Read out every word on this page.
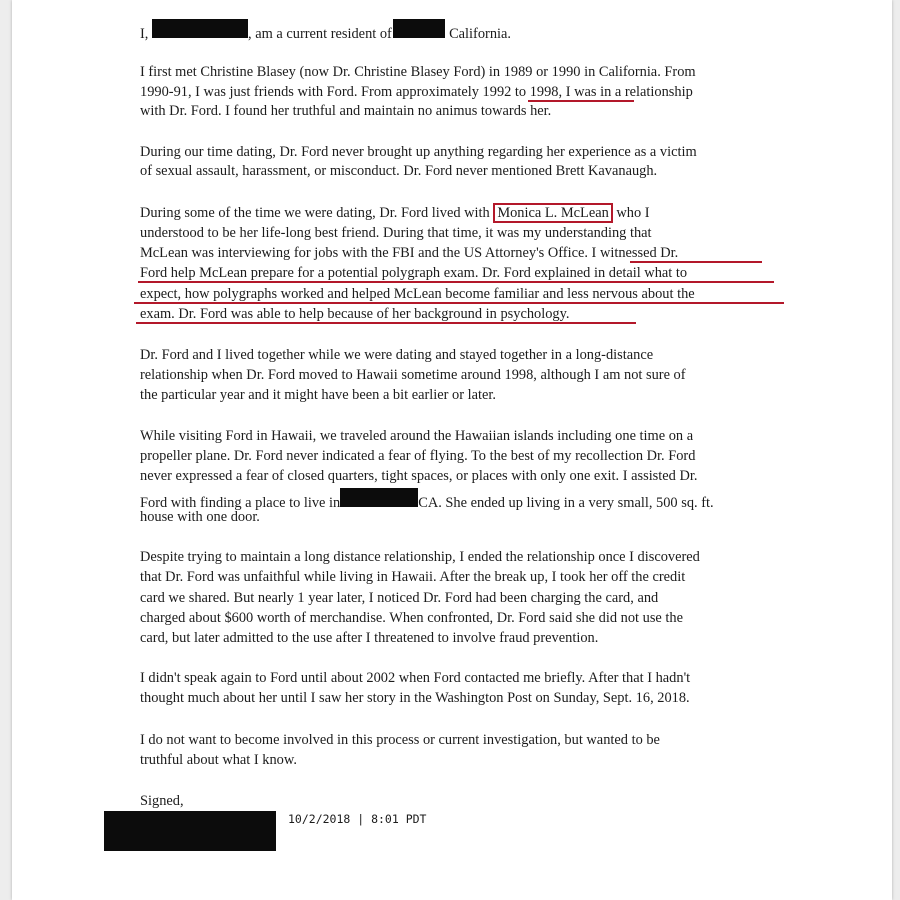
I,	, am a current resident of	California.
I first met Christine Blasey (now Dr. Christine Blasey Ford) in 1989 or 1990 in California. From
1990-91, I was just friends with Ford. From approximately 1992 to 1998, I was in a relationship
with Dr. Ford. I found her truthful and maintain no animus towards her.
During our time dating, Dr. Ford never brought up anything regarding her experience as a victim
of sexual assault, harassment, or misconduct. Dr. Ford never mentioned Brett Kavanaugh.
During some of the time we were dating, Dr. Ford lived with Monica L. McLean who I
understood to be her life-long best friend. During that time, it was my understanding that
McLean was interviewing for jobs with the FBI and the US Attorney's Office. I witnessed Dr.
Ford help McLean prepare for a potential polygraph exam. Dr. Ford explained in detail what to
expect, how polygraphs worked and helped McLean become familiar and less nervous about the
exam. Dr. Ford was able to help because of her background in psychology.
Dr. Ford and I lived together while we were dating and stayed together in a long-distance
relationship when Dr. Ford moved to Hawaii sometime around 1998, although I am not sure of
the particular year and it might have been a bit earlier or later.
While visiting Ford in Hawaii, we traveled around the Hawaiian islands including one time on a
propeller plane. Dr. Ford never indicated a fear of flying. To the best of my recollection Dr. Ford
never expressed a fear of closed quarters, tight spaces, or places with only one exit. I assisted Dr.
Ford with finding a place to live in	CA. She ended up living in a very small, 500 sq. ft.
house with one door.
Despite trying to maintain a long distance relationship, I ended the relationship once I discovered
that Dr. Ford was unfaithful while living in Hawaii. After the break up, I took her off the credit
card we shared. But nearly 1 year later, I noticed Dr. Ford had been charging the card, and
charged about $600 worth of merchandise. When confronted, Dr. Ford said she did not use the
card, but later admitted to the use after I threatened to involve fraud prevention.
I didn't speak again to Ford until about 2002 when Ford contacted me briefly. After that I hadn't
thought much about her until I saw her story in the Washington Post on Sunday, Sept. 16, 2018.
I do not want to become involved in this process or current investigation, but wanted to be
truthful about what I know.
Signed,
10/2/2018 | 8:01 PDT
